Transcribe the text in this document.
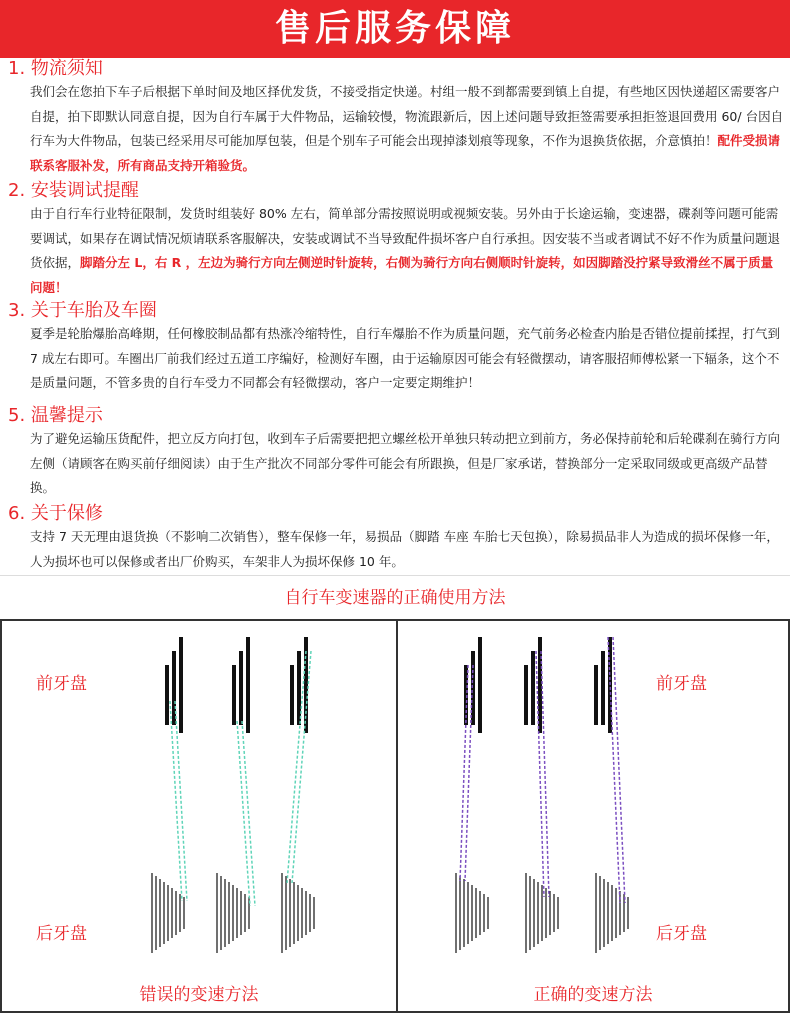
售后服务保障
1. 物流须知

我们会在您拍下车子后根据下单时间及地区择优发货，不接受指定快递。村组一般不到都需要到镇上自提，有些地区因快递超区需要客户自提，拍下即默认同意自提，因为自行车属于大件物品，运输较慢，物流跟新后，因上述问题导致拒签需要承担拒签退回费用 60/ 台因自行车为大件物品，包装已经采用尽可能加厚包装，但是个别车子可能会出现掉漆划痕等现象，不作为退换货依据，介意慎拍！配件受损请联系客服补发，所有商品支持开箱验货。

2. 安装调试提醒

由于自行车行业特征限制，发货时组装好 80% 左右，简单部分需按照说明或视频安装。另外由于长途运输，变速器，碟刹等问题可能需要调试，如果存在调试情况烦请联系客服解决，安装或调试不当导致配件损坏客户自行承担。因安装不当或者调试不好不作为质量问题退货依据，脚踏分左 L，右 R ，左边为骑行方向左侧逆时针旋转，右侧为骑行方向右侧顺时针旋转，如因脚踏没拧紧导致滑丝不属于质量问题！

3. 关于车胎及车圈

夏季是轮胎爆胎高峰期，任何橡胶制品都有热涨冷缩特性，自行车爆胎不作为质量问题，充气前务必检查内胎是否错位提前揉捏，打气到 7 成左右即可。车圈出厂前我们经过五道工序编好，检测好车圈，由于运输原因可能会有轻微摆动，请客服招师傅松紧一下辐条，这个不是质量问题，不管多贵的自行车受力不同都会有轻微摆动，客户一定要定期维护！

5. 温馨提示

为了避免运输压货配件，把立反方向打包，收到车子后需要把把立螺丝松开单独只转动把立到前方，务必保持前轮和后轮碟刹在骑行方向左侧（请顾客在购买前仔细阅读）由于生产批次不同部分零件可能会有所跟换，但是厂家承诺，替换部分一定采取同级或更高级产品替换。

6. 关于保修

支持 7 天无理由退货换（不影响二次销售），整车保修一年，易损品（脚踏 车座 车胎七天包换），除易损品非人为造成的损坏保修一年，人为损坏也可以保修或者出厂价购买，车架非人为损坏保修 10 年。

自行车变速器的正确使用方法
前牙盘
后牙盘
错误的变速方法
前牙盘
后牙盘
正确的变速方法
